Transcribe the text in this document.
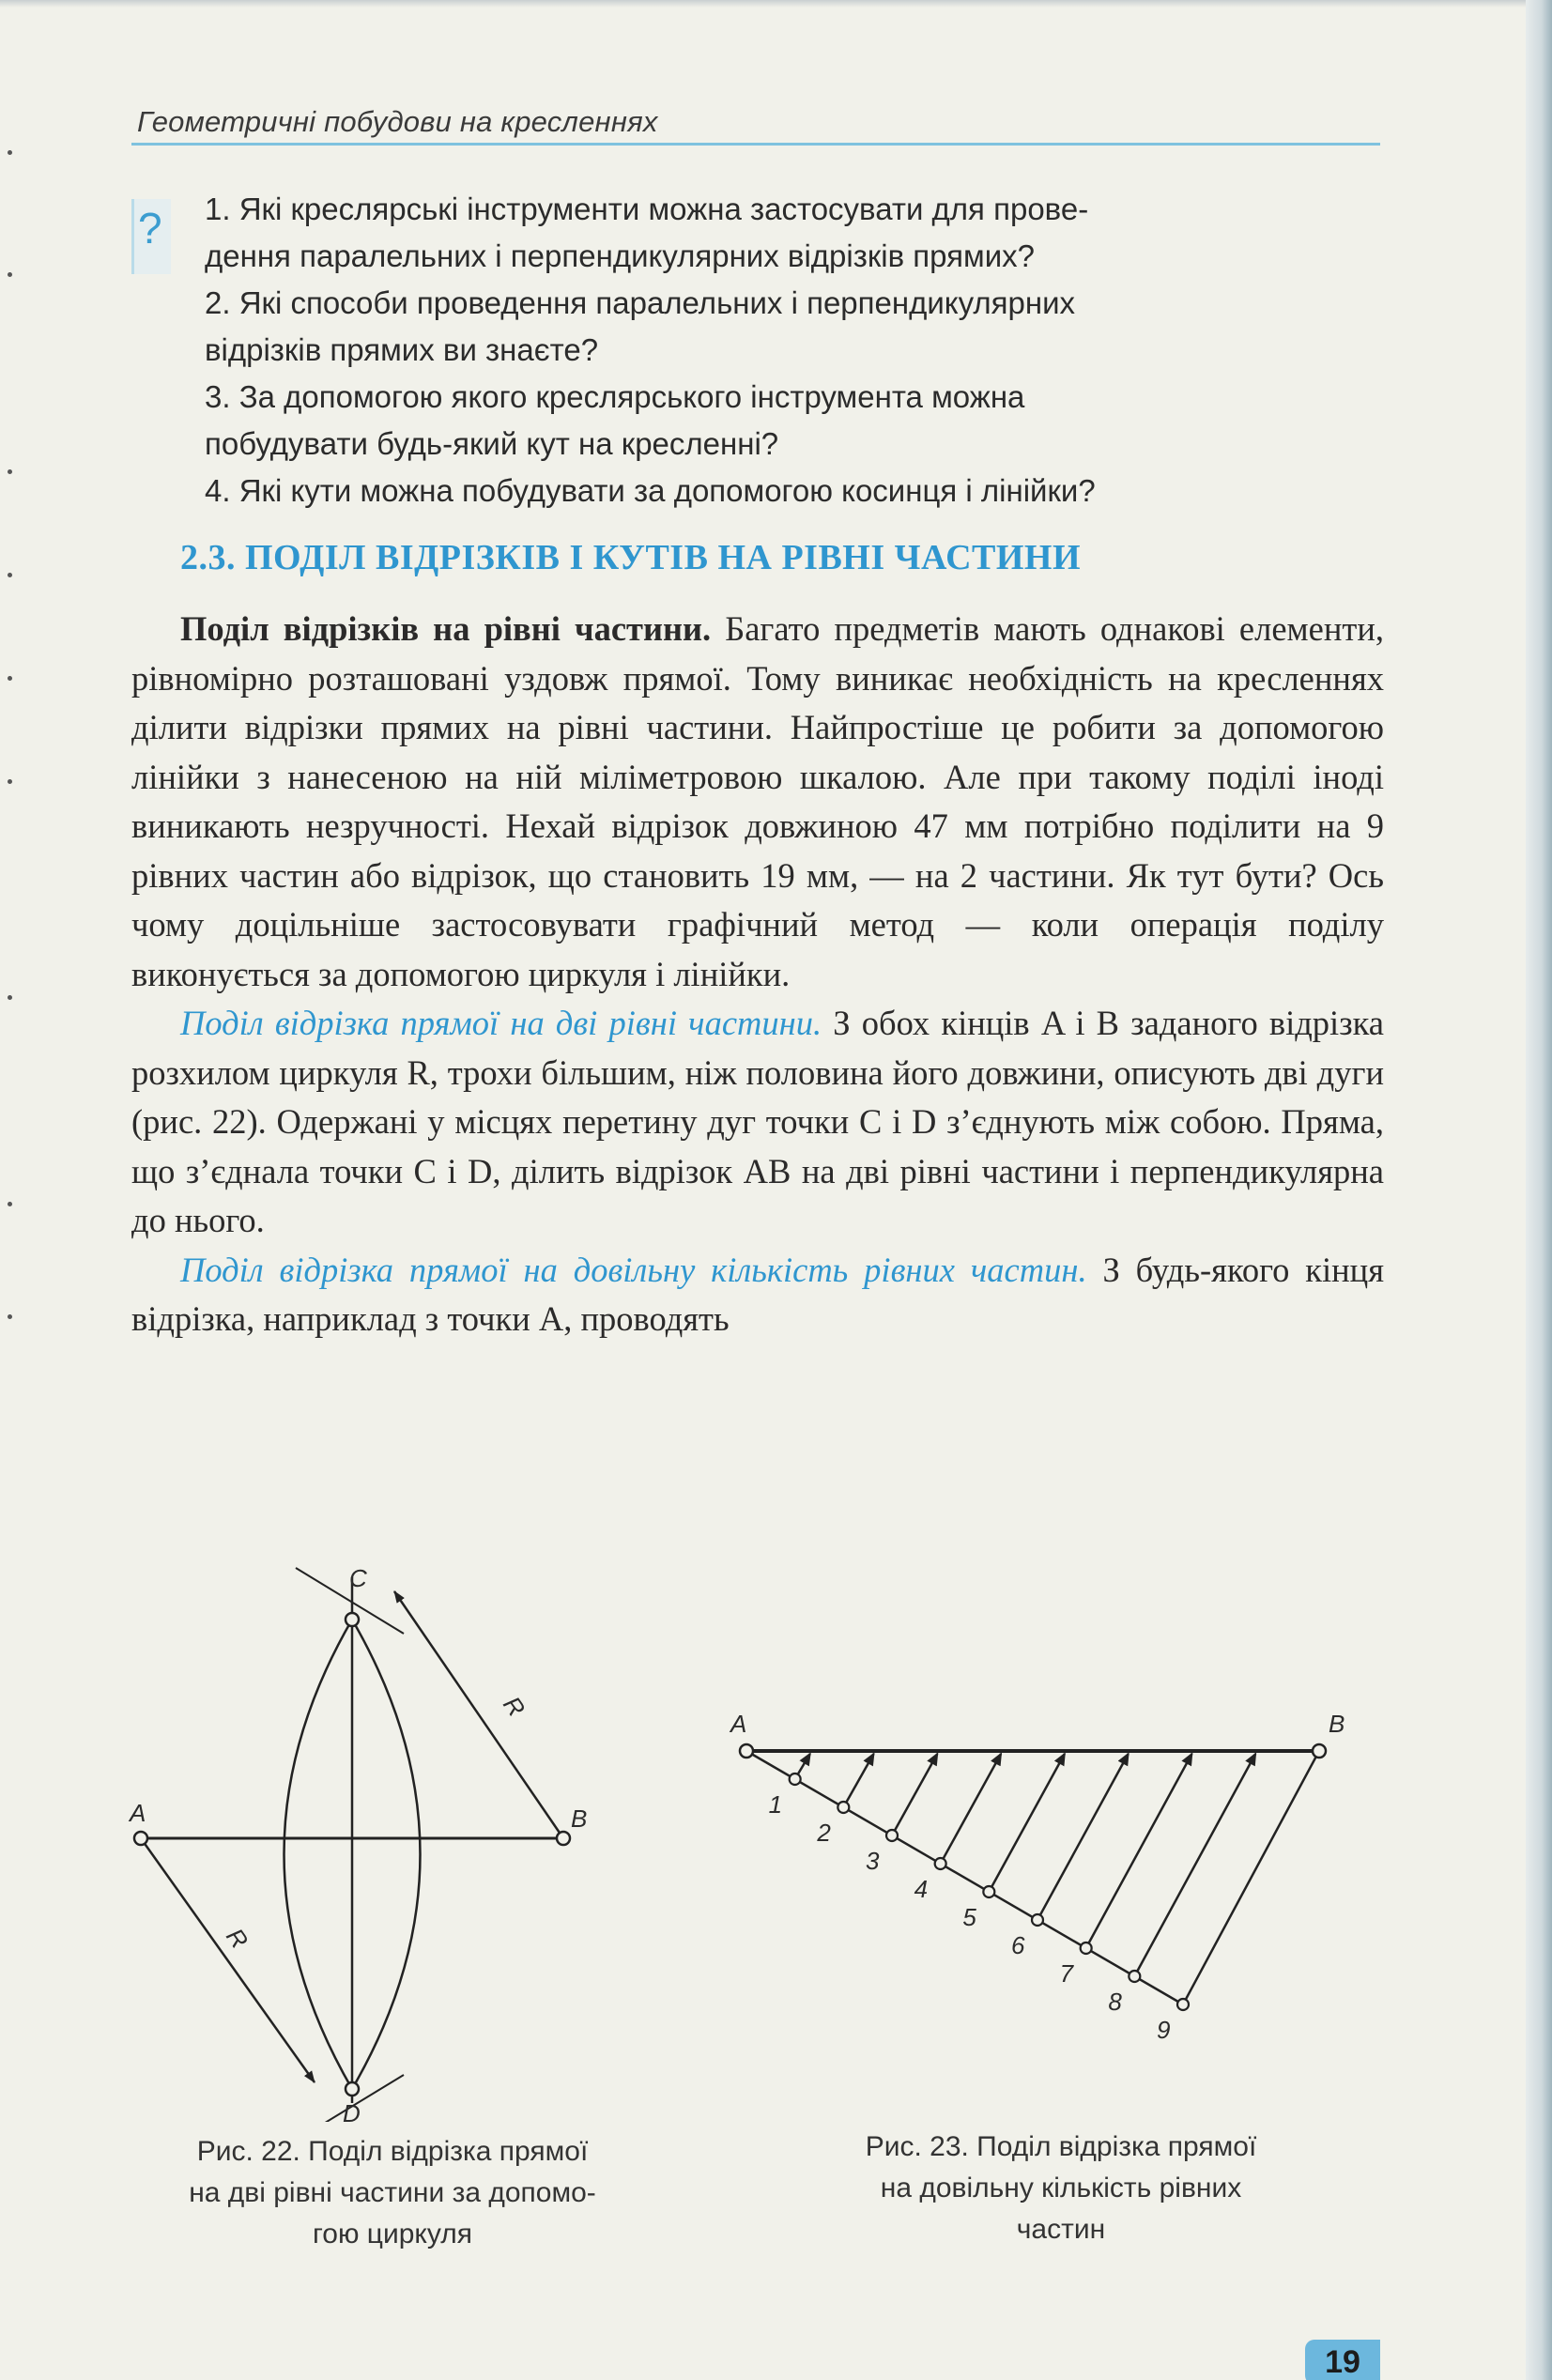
Геометричні побудови на кресленнях
? 1. Які креслярські інструменти можна застосувати для прове-

дення паралельних і перпендикулярних відрізків прямих?

2. Які способи проведення паралельних і перпендикулярних

відрізків прямих ви знаєте?

3. За допомогою якого креслярського інструмента можна

побудувати будь-який кут на кресленні?

4. Які кути можна побудувати за допомогою косинця і лінійки?

2.3. ПОДІЛ ВІДРІЗКІВ І КУТІВ НА РІВНІ ЧАСТИНИ

Поділ відрізків на рівні частини. Багато предметів мають однакові елементи, рівномірно розташовані уздовж прямої. Тому виникає необхідність на кресленнях ділити відрізки прямих на рівні частини. Найпростіше це робити за допомогою лінійки з нанесеною на ній міліметровою шкалою. Але при такому поділі іноді виникають незручності. Нехай відрізок довжиною 47 мм потрібно поділити на 9 рівних частин або відрізок, що становить 19 мм, — на 2 частини. Як тут бути? Ось чому доцільніше застосовувати графічний метод — коли операція поділу виконується за допомогою циркуля і лінійки.

Поділ відрізка прямої на дві рівні частини. З обох кінців A і B заданого відрізка розхилом циркуля R, трохи більшим, ніж половина його довжини, описують дві дуги (рис. 22). Одержані у місцях перетину дуг точки C і D з’єднують між собою. Пряма, що з’єднала точки C і D, ділить відрізок AB на дві рівні частини і перпендикулярна до нього.

Поділ відрізка прямої на довільну кількість рівних частин. З будь-якого кінця відрізка, наприклад з точки A, проводять

A	B
C
D
R
R
1
2
3
4
5
6
7
8
9
A	B
Рис. 22. Поділ відрізка прямої
на дві рівні частини за допомо-
гою циркуля
Рис. 23. Поділ відрізка прямої
на довільну кількість рівних
частин
19
